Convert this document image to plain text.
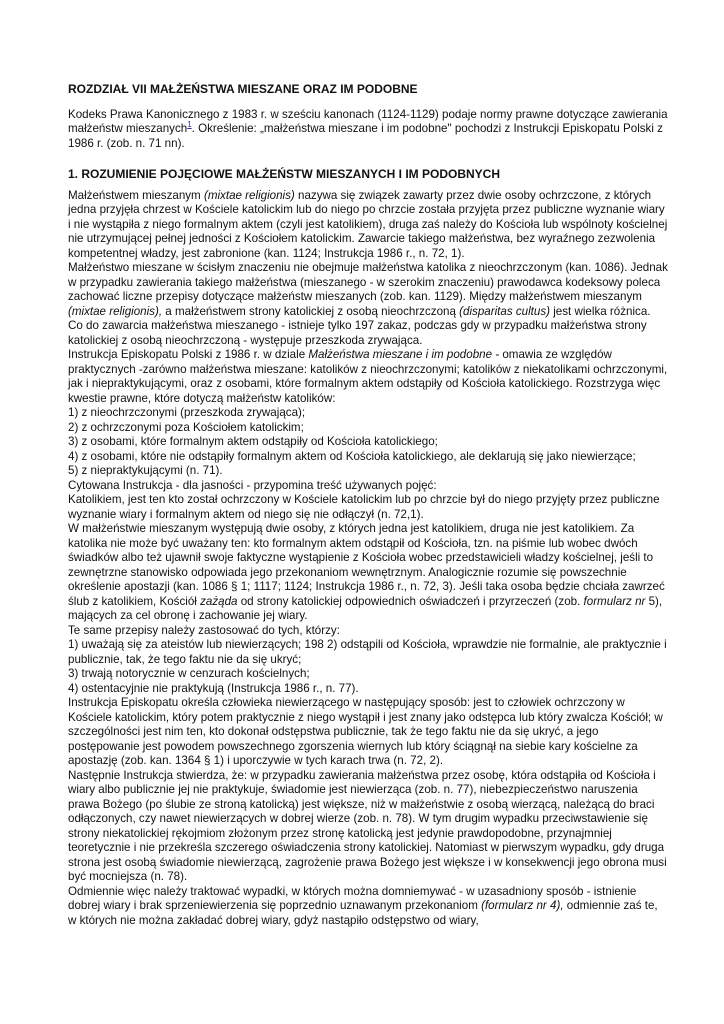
ROZDZIAŁ VII MAŁŻEŃSTWA MIESZANE ORAZ IM PODOBNE

Kodeks Prawa Kanonicznego z 1983 r. w sześciu kanonach (1124-1129) podaje normy prawne dotyczące zawierania małżeństw mieszanych$^1$. Określenie: „małżeństwa mieszane i im podobne" pochodzi z Instrukcji Episkopatu Polski z 1986 r. (zob. n. 71 nn).

1. ROZUMIENIE POJĘCIOWE MAŁŻEŃSTW MIESZANYCH I IM PODOBNYCH

Małżeństwem mieszanym (mixtae religionis) nazywa się związek zawarty przez dwie osoby ochrzczone, z których jedna przyjęła chrzest w Kościele katolickim lub do niego po chrzcie została przyjęta przez publiczne wyznanie wiary i nie wystąpiła z niego formalnym aktem (czyli jest katolikiem), druga zaś należy do Kościoła lub wspólnoty kościelnej nie utrzymującej pełnej jedności z Kościołem katolickim. Zawarcie takiego małżeństwa, bez wyraźnego zezwolenia kompetentnej władzy, jest zabronione (kan. 1124; Instrukcja 1986 r., n. 72, 1).

Małżeństwo mieszane w ścisłym znaczeniu nie obejmuje małżeństwa katolika z nieochrzczonym (kan. 1086). Jednak w przypadku zawierania takiego małżeństwa (mieszanego - w szerokim znaczeniu) prawodawca kodeksowy poleca zachować liczne przepisy dotyczące małżeństw mieszanych (zob. kan. 1129). Między małżeństwem mieszanym (mixtae religionis), a małżeństwem strony katolickiej z osobą nieochrzczoną (disparitas cultus) jest wielka różnica. Co do zawarcia małżeństwa mieszanego - istnieje tylko 197 zakaz, podczas gdy w przypadku małżeństwa strony katolickiej z osobą nieochrzczoną - występuje przeszkoda zrywająca.

Instrukcja Episkopatu Polski z 1986 r. w dziale Małżeństwa mieszane i im podobne - omawia ze względów praktycznych -zarówno małżeństwa mieszane: katolików z nieochrzczonymi; katolików z niekatolikami ochrzczonymi, jak i niepraktykującymi, oraz z osobami, które formalnym aktem odstąpiły od Kościoła katolickiego. Rozstrzyga więc kwestie prawne, które dotyczą małżeństw katolików:

1) z nieochrzczonymi (przeszkoda zrywająca);
2) z ochrzczonymi poza Kościołem katolickim;
3) z osobami, które formalnym aktem odstąpiły od Kościoła katolickiego;
4) z osobami, które nie odstąpiły formalnym aktem od Kościoła katolickiego, ale deklarują się jako niewierzące;
5) z niepraktykującymi (n. 71).

Cytowana Instrukcja - dla jasności - przypomina treść używanych pojęć:

Katolikiem, jest ten kto został ochrzczony w Kościele katolickim lub po chrzcie był do niego przyjęty przez publiczne wyznanie wiary i formalnym aktem od niego się nie odłączył (n. 72,1).

W małżeństwie mieszanym występują dwie osoby, z których jedna jest katolikiem, druga nie jest katolikiem. Za katolika nie może być uważany ten: kto formalnym aktem odstąpił od Kościoła, tzn. na piśmie lub wobec dwóch świadków albo też ujawnił swoje faktyczne wystąpienie z Kościoła wobec przedstawicieli władzy kościelnej, jeśli to zewnętrzne stanowisko odpowiada jego przekonaniom wewnętrznym. Analogicznie rozumie się powszechnie określenie apostazji (kan. 1086 § 1; 1117; 1124; Instrukcja 1986 r., n. 72, 3). Jeśli taka osoba będzie chciała zawrzeć ślub z katolikiem, Kościół zażąda od strony katolickiej odpowiednich oświadczeń i przyrzeczeń (zob. formularz nr 5), mających za cel obronę i zachowanie jej wiary.

Te same przepisy należy zastosować do tych, którzy:

1) uważają się za ateistów lub niewierzących; 198 2) odstąpili od Kościoła, wprawdzie nie formalnie, ale praktycznie i publicznie, tak, że tego faktu nie da się ukryć;
3) trwają notorycznie w cenzurach kościelnych;
4) ostentacyjnie nie praktykują (Instrukcja 1986 r., n. 77).

Instrukcja Episkopatu określa człowieka niewierzącego w następujący sposób: jest to człowiek ochrzczony w Kościele katolickim, który potem praktycznie z niego wystąpił i jest znany jako odstępca lub który zwalcza Kościół; w szczególności jest nim ten, kto dokonał odstępstwa publicznie, tak że tego faktu nie da się ukryć, a jego postępowanie jest powodem powszechnego zgorszenia wiernych lub który ściągnął na siebie kary kościelne za apostazję (zob. kan. 1364 § 1) i uporczywie w tych karach trwa (n. 72, 2).

Następnie Instrukcja stwierdza, że: w przypadku zawierania małżeństwa przez osobę, która odstąpiła od Kościoła i wiary albo publicznie jej nie praktykuje, świadomie jest niewierząca (zob. n. 77), niebezpieczeństwo naruszenia prawa Bożego (po ślubie ze stroną katolicką) jest większe, niż w małżeństwie z osobą wierzącą, należącą do braci odłączonych, czy nawet niewierzących w dobrej wierze (zob. n. 78). W tym drugim wypadku przeciwstawienie się strony niekatolickiej rękojmiom złożonym przez stronę katolicką jest jedynie prawdopodobne, przynajmniej teoretycznie i nie przekreśla szczerego oświadczenia strony katolickiej. Natomiast w pierwszym wypadku, gdy druga strona jest osobą świadomie niewierzącą, zagrożenie prawa Bożego jest większe i w konsekwencji jego obrona musi być mocniejsza (n. 78).

Odmiennie więc należy traktować wypadki, w których można domniemywać - w uzasadniony sposób - istnienie dobrej wiary i brak sprzeniewierzenia się poprzednio uznawanym przekonaniom (formularz nr 4), odmiennie zaś te, w których nie można zakładać dobrej wiary, gdyż nastąpiło odstępstwo od wiary,
